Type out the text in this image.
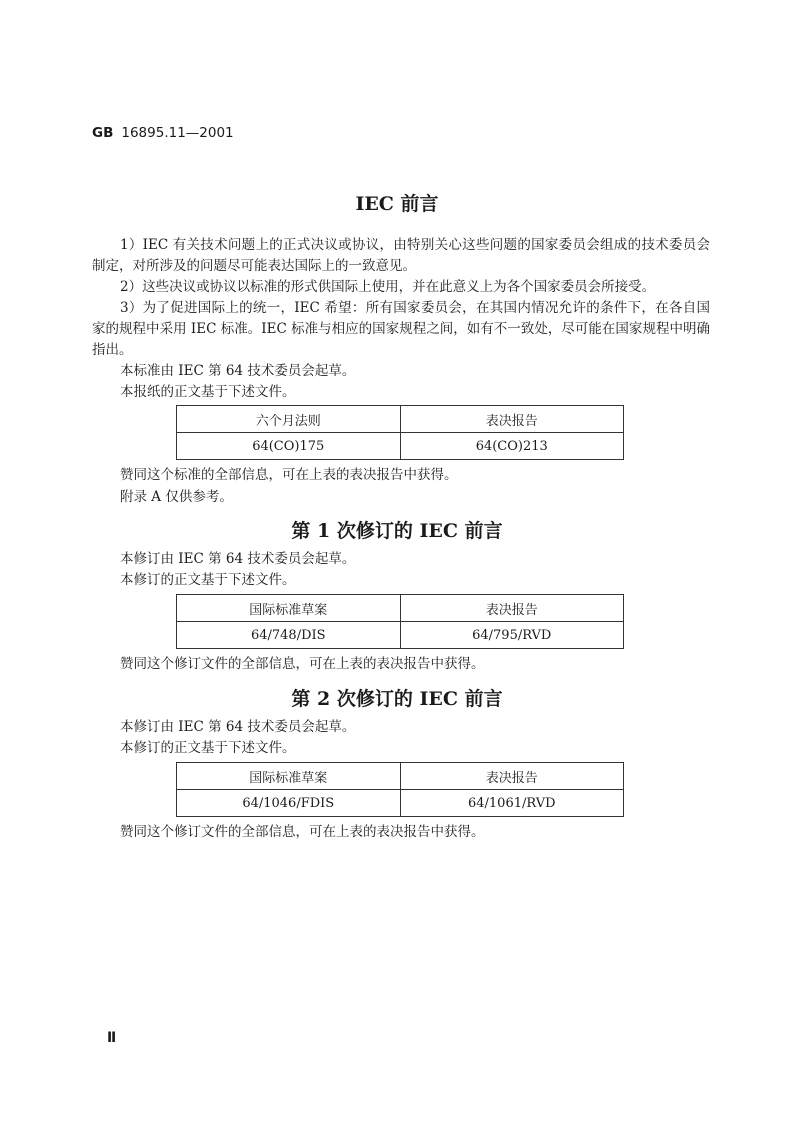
GB 16895.11—2001
IEC 前言
1）IEC 有关技术问题上的正式决议或协议，由特别关心这些问题的国家委员会组成的技术委员会制定，对所涉及的问题尽可能表达国际上的一致意见。
2）这些决议或协议以标准的形式供国际上使用，并在此意义上为各个国家委员会所接受。
3）为了促进国际上的统一，IEC 希望：所有国家委员会，在其国内情况允许的条件下，在各自国家的规程中采用 IEC 标准。IEC 标准与相应的国家规程之间，如有不一致处，尽可能在国家规程中明确指出。
本标准由 IEC 第 64 技术委员会起草。
本报纸的正文基于下述文件。
六个月法则	表决报告
64(CO)175	64(CO)213
赞同这个标准的全部信息，可在上表的表决报告中获得。
附录 A 仅供参考。
第 1 次修订的 IEC 前言
本修订由 IEC 第 64 技术委员会起草。
本修订的正文基于下述文件。
国际标准草案	表决报告
64/748/DIS	64/795/RVD
赞同这个修订文件的全部信息，可在上表的表决报告中获得。
第 2 次修订的 IEC 前言
本修订由 IEC 第 64 技术委员会起草。
本修订的正文基于下述文件。
国际标准草案	表决报告
64/1046/FDIS	64/1061/RVD
赞同这个修订文件的全部信息，可在上表的表决报告中获得。
Ⅱ
